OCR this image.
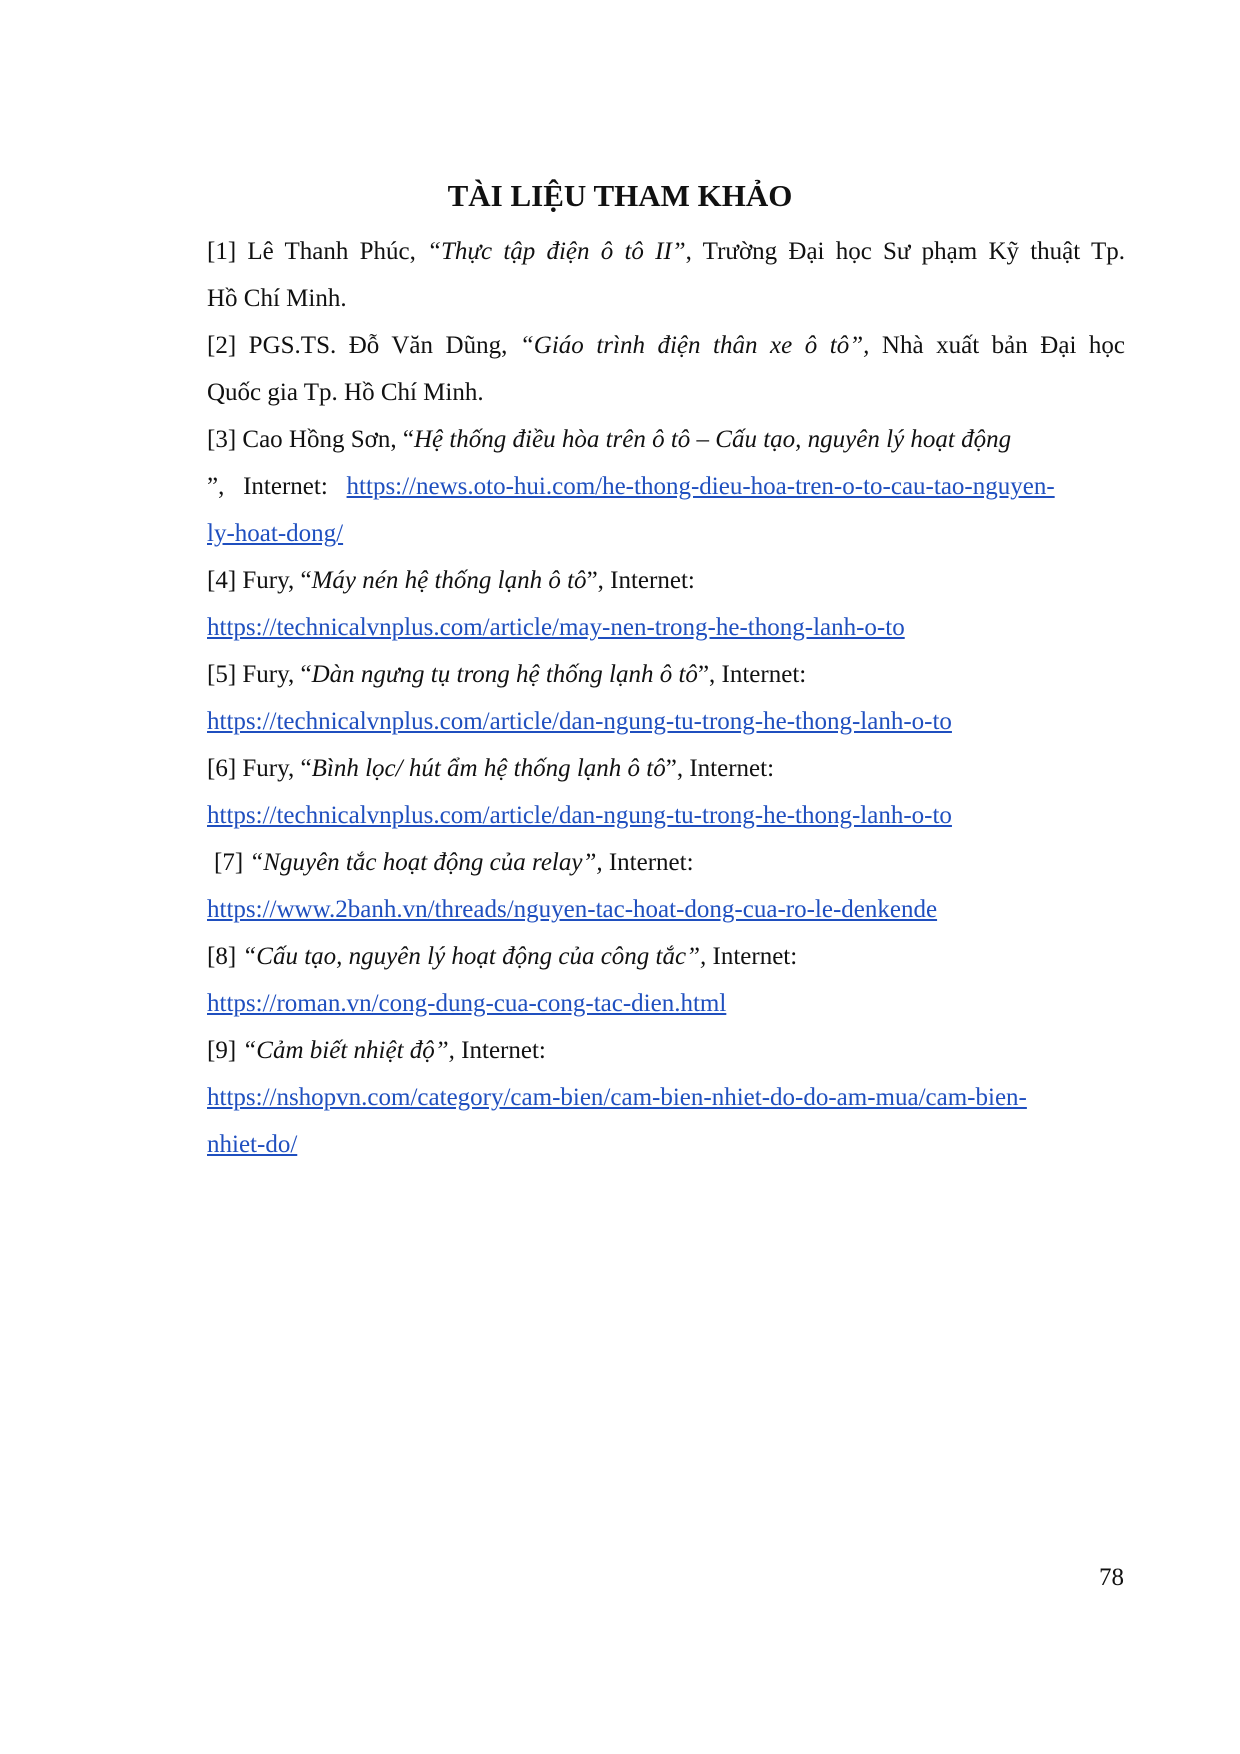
TÀI LIỆU THAM KHẢO
[1] Lê Thanh Phúc, “Thực tập điện ô tô II”, Trường Đại học Sư phạm Kỹ thuật Tp.
Hồ Chí Minh.
[2] PGS.TS. Đỗ Văn Dũng, “Giáo trình điện thân xe ô tô”, Nhà xuất bản Đại học
Quốc gia Tp. Hồ Chí Minh.
[3] Cao Hồng Sơn, “Hệ thống điều hòa trên ô tô – Cấu tạo, nguyên lý hoạt động
”, Internet: https://news.oto-hui.com/he-thong-dieu-hoa-tren-o-to-cau-tao-nguyen-
ly-hoat-dong/
[4] Fury, “Máy nén hệ thống lạnh ô tô”, Internet:
https://technicalvnplus.com/article/may-nen-trong-he-thong-lanh-o-to
[5] Fury, “Dàn ngưng tụ trong hệ thống lạnh ô tô”, Internet:
https://technicalvnplus.com/article/dan-ngung-tu-trong-he-thong-lanh-o-to
[6] Fury, “Bình lọc/ hút ẩm hệ thống lạnh ô tô”, Internet:
https://technicalvnplus.com/article/dan-ngung-tu-trong-he-thong-lanh-o-to
[7] “Nguyên tắc hoạt động của relay”, Internet:
https://www.2banh.vn/threads/nguyen-tac-hoat-dong-cua-ro-le-denkende
[8] “Cấu tạo, nguyên lý hoạt động của công tắc”, Internet:
https://roman.vn/cong-dung-cua-cong-tac-dien.html
[9] “Cảm biết nhiệt độ”, Internet:
https://nshopvn.com/category/cam-bien/cam-bien-nhiet-do-do-am-mua/cam-bien-
nhiet-do/
78
